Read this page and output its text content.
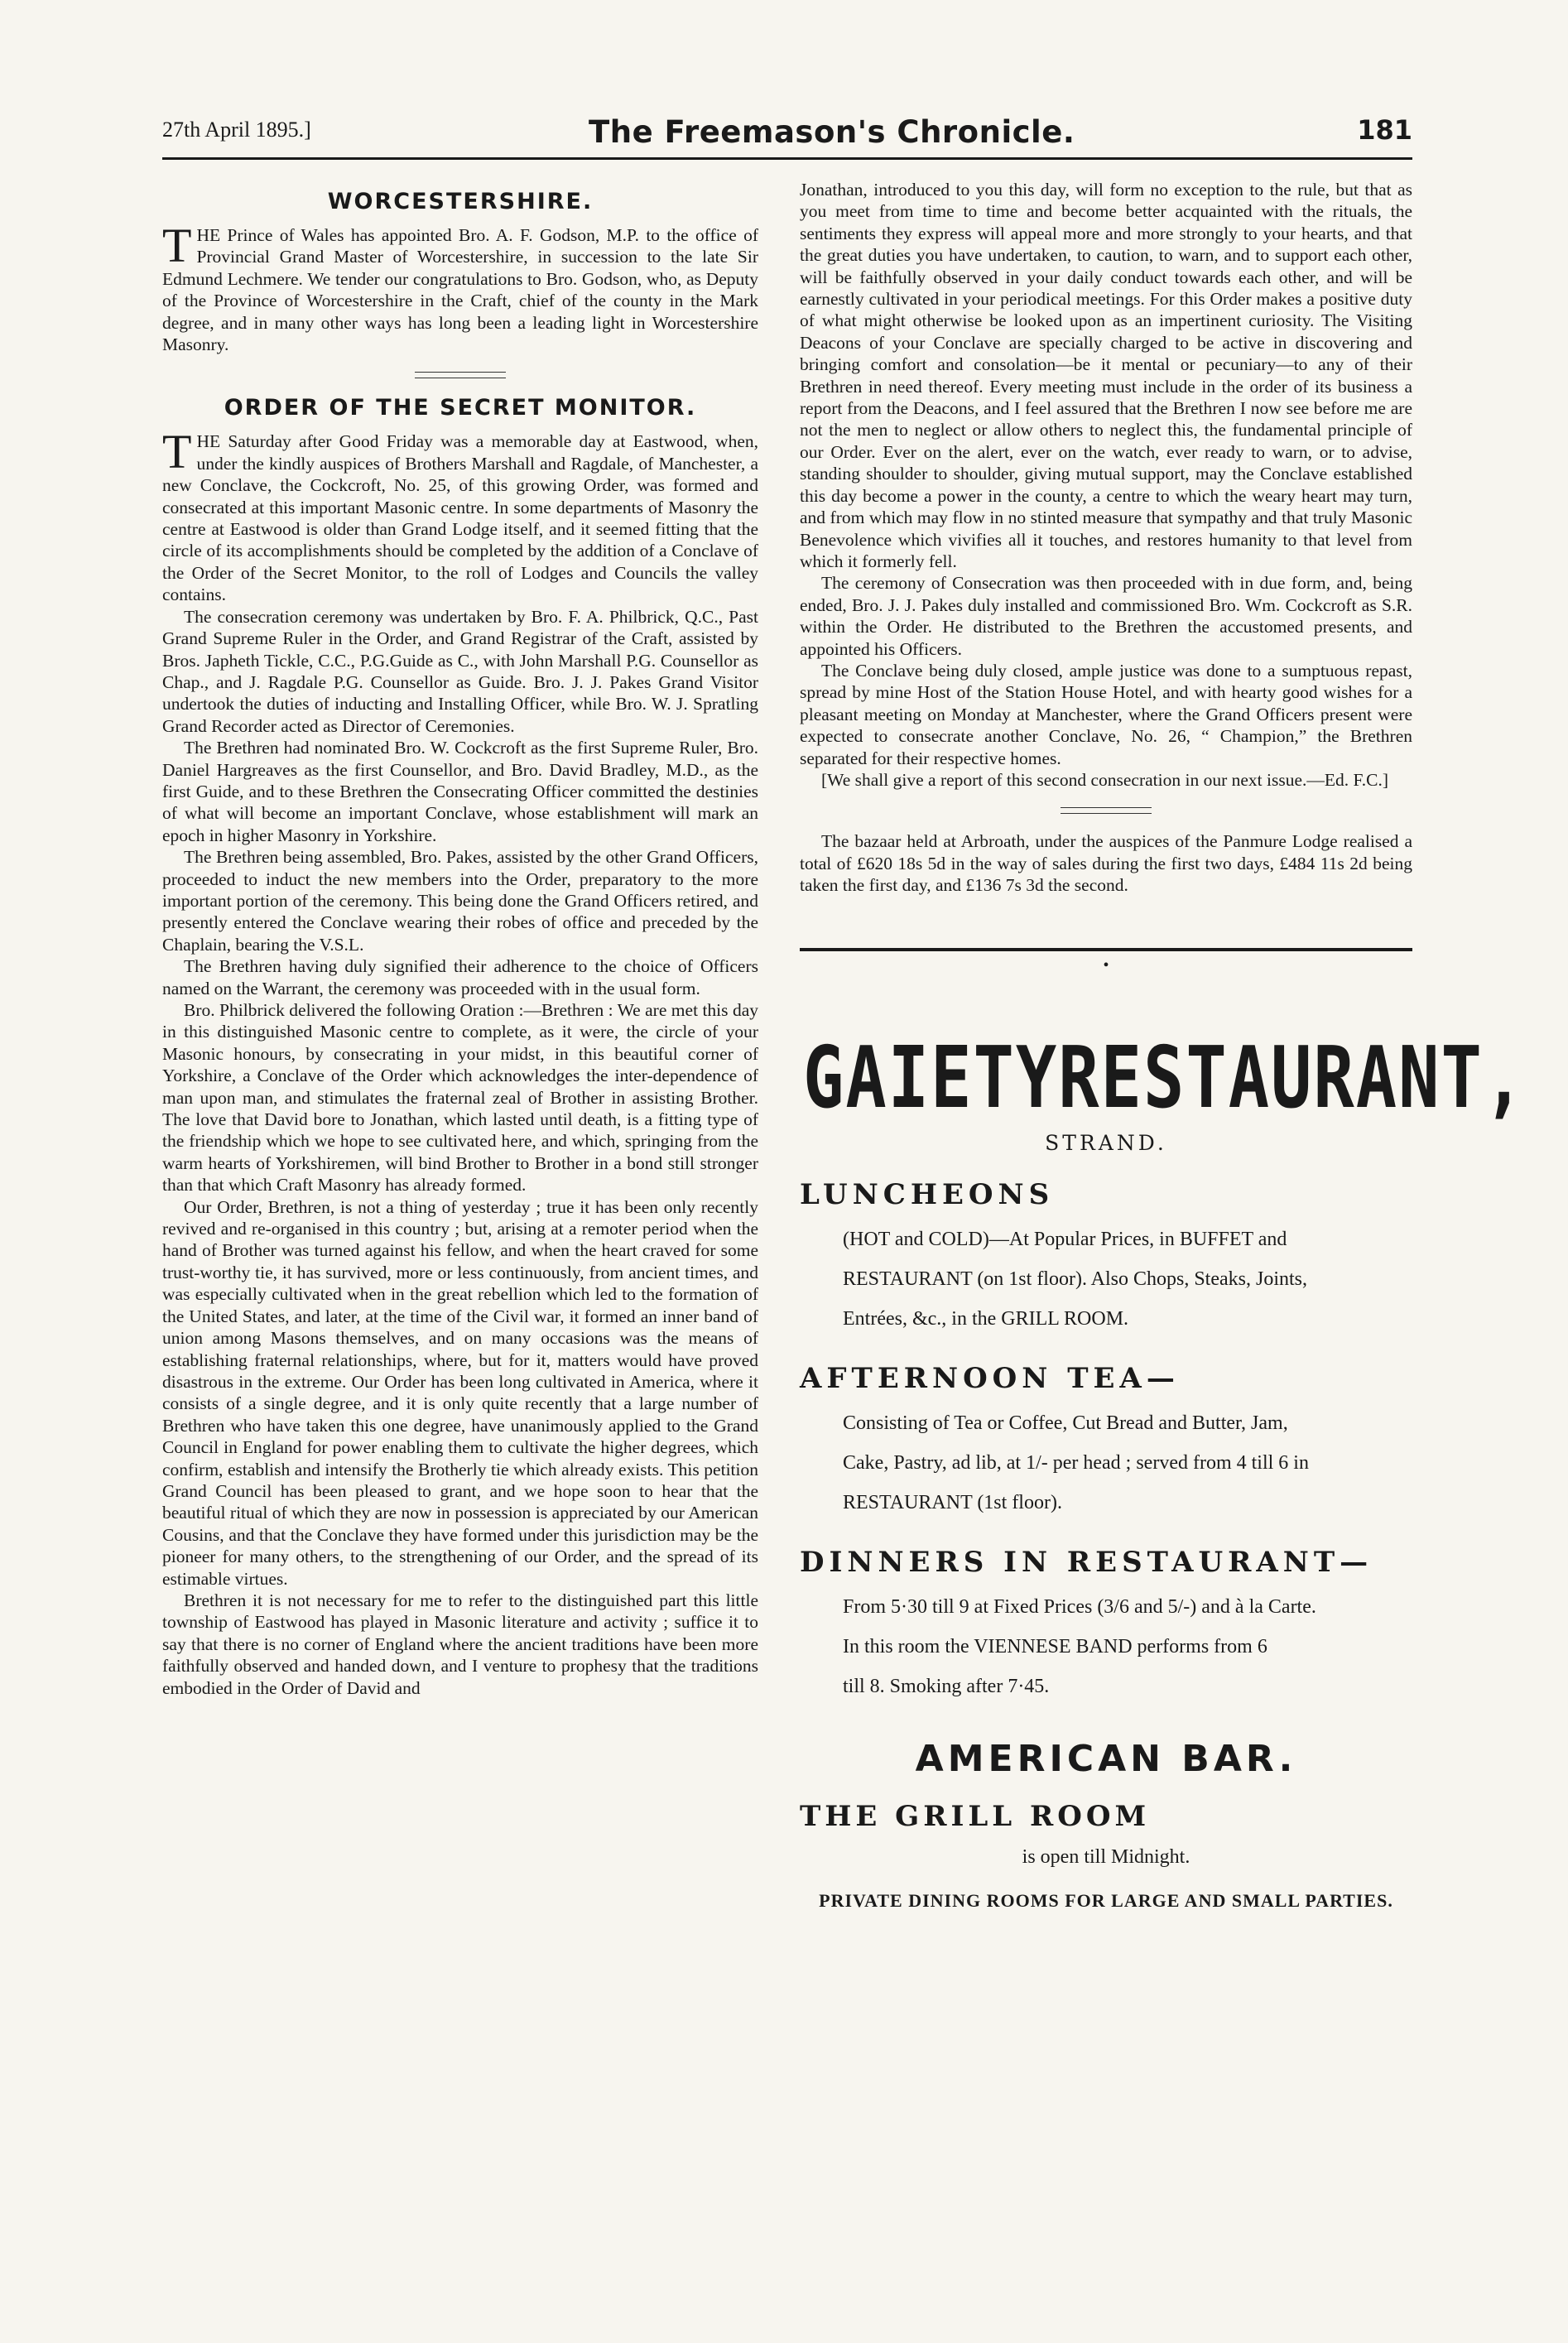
27th April 1895.]	The Freemason's Chronicle.	181
WORCESTERSHIRE.

THE Prince of Wales has appointed Bro. A. F. Godson, M.P. to the office of Provincial Grand Master of Worcestershire, in succession to the late Sir Edmund Lechmere. We tender our congratulations to Bro. Godson, who, as Deputy of the Province of Worcestershire in the Craft, chief of the county in the Mark degree, and in many other ways has long been a leading light in Worcestershire Masonry.

ORDER OF THE SECRET MONITOR.

THE Saturday after Good Friday was a memorable day at Eastwood, when, under the kindly auspices of Brothers Marshall and Ragdale, of Manchester, a new Conclave, the Cockcroft, No. 25, of this growing Order, was formed and consecrated at this important Masonic centre. In some departments of Masonry the centre at Eastwood is older than Grand Lodge itself, and it seemed fitting that the circle of its accomplishments should be completed by the addition of a Conclave of the Order of the Secret Monitor, to the roll of Lodges and Councils the valley contains.

The consecration ceremony was undertaken by Bro. F. A. Philbrick, Q.C., Past Grand Supreme Ruler in the Order, and Grand Registrar of the Craft, assisted by Bros. Japheth Tickle, C.C., P.G.Guide as C., with John Marshall P.G. Counsellor as Chap., and J. Ragdale P.G. Counsellor as Guide. Bro. J. J. Pakes Grand Visitor undertook the duties of inducting and Installing Officer, while Bro. W. J. Spratling Grand Recorder acted as Director of Ceremonies.

The Brethren had nominated Bro. W. Cockcroft as the first Supreme Ruler, Bro. Daniel Hargreaves as the first Counsellor, and Bro. David Bradley, M.D., as the first Guide, and to these Brethren the Consecrating Officer committed the destinies of what will become an important Conclave, whose establishment will mark an epoch in higher Masonry in Yorkshire.

The Brethren being assembled, Bro. Pakes, assisted by the other Grand Officers, proceeded to induct the new members into the Order, preparatory to the more important portion of the ceremony. This being done the Grand Officers retired, and presently entered the Conclave wearing their robes of office and preceded by the Chaplain, bearing the V.S.L.

The Brethren having duly signified their adherence to the choice of Officers named on the Warrant, the ceremony was proceeded with in the usual form.

Bro. Philbrick delivered the following Oration :—Brethren : We are met this day in this distinguished Masonic centre to complete, as it were, the circle of your Masonic honours, by consecrating in your midst, in this beautiful corner of Yorkshire, a Conclave of the Order which acknowledges the inter-dependence of man upon man, and stimulates the fraternal zeal of Brother in assisting Brother. The love that David bore to Jonathan, which lasted until death, is a fitting type of the friendship which we hope to see cultivated here, and which, springing from the warm hearts of Yorkshiremen, will bind Brother to Brother in a bond still stronger than that which Craft Masonry has already formed.

Our Order, Brethren, is not a thing of yesterday ; true it has been only recently revived and re-organised in this country ; but, arising at a remoter period when the hand of Brother was turned against his fellow, and when the heart craved for some trust-worthy tie, it has survived, more or less continuously, from ancient times, and was especially cultivated when in the great rebellion which led to the formation of the United States, and later, at the time of the Civil war, it formed an inner band of union among Masons themselves, and on many occasions was the means of establishing fraternal relationships, where, but for it, matters would have proved disastrous in the extreme. Our Order has been long cultivated in America, where it consists of a single degree, and it is only quite recently that a large number of Brethren who have taken this one degree, have unanimously applied to the Grand Council in England for power enabling them to cultivate the higher degrees, which confirm, establish and intensify the Brotherly tie which already exists. This petition Grand Council has been pleased to grant, and we hope soon to hear that the beautiful ritual of which they are now in possession is appreciated by our American Cousins, and that the Conclave they have formed under this jurisdiction may be the pioneer for many others, to the strengthening of our Order, and the spread of its estimable virtues.

Brethren it is not necessary for me to refer to the distinguished part this little township of Eastwood has played in Masonic literature and activity ; suffice it to say that there is no corner of England where the ancient traditions have been more faithfully observed and handed down, and I venture to prophesy that the traditions embodied in the Order of David and

Jonathan, introduced to you this day, will form no exception to the rule, but that as you meet from time to time and become better acquainted with the rituals, the sentiments they express will appeal more and more strongly to your hearts, and that the great duties you have undertaken, to caution, to warn, and to support each other, will be faithfully observed in your daily conduct towards each other, and will be earnestly cultivated in your periodical meetings. For this Order makes a positive duty of what might otherwise be looked upon as an impertinent curiosity. The Visiting Deacons of your Conclave are specially charged to be active in discovering and bringing comfort and consolation—be it mental or pecuniary—to any of their Brethren in need thereof. Every meeting must include in the order of its business a report from the Deacons, and I feel assured that the Brethren I now see before me are not the men to neglect or allow others to neglect this, the fundamental principle of our Order. Ever on the alert, ever on the watch, ever ready to warn, or to advise, standing shoulder to shoulder, giving mutual support, may the Conclave established this day become a power in the county, a centre to which the weary heart may turn, and from which may flow in no stinted measure that sympathy and that truly Masonic Benevolence which vivifies all it touches, and restores humanity to that level from which it formerly fell.

The ceremony of Consecration was then proceeded with in due form, and, being ended, Bro. J. J. Pakes duly installed and commissioned Bro. Wm. Cockcroft as S.R. within the Order. He distributed to the Brethren the accustomed presents, and appointed his Officers.

The Conclave being duly closed, ample justice was done to a sumptuous repast, spread by mine Host of the Station House Hotel, and with hearty good wishes for a pleasant meeting on Monday at Manchester, where the Grand Officers present were expected to consecrate another Conclave, No. 26, “ Champion,” the Brethren separated for their respective homes.

[We shall give a report of this second consecration in our next issue.—Ed. F.C.]

The bazaar held at Arbroath, under the auspices of the Panmure Lodge realised a total of £620 18s 5d in the way of sales during the first two days, £484 11s 2d being taken the first day, and £136 7s 3d the second.

•
GAIETY RESTAURANT,
STRAND.
LUNCHEONS

(HOT and COLD)—At Popular Prices, in BUFFET and

RESTAURANT (on 1st floor). Also Chops, Steaks, Joints,

Entrées, &c., in the GRILL ROOM.

AFTERNOON TEA—

Consisting of Tea or Coffee, Cut Bread and Butter, Jam,

Cake, Pastry, ad lib, at 1/- per head ; served from 4 till 6 in

RESTAURANT (1st floor).

DINNERS IN RESTAURANT—

From 5·30 till 9 at Fixed Prices (3/6 and 5/-) and à la Carte.

In this room the VIENNESE BAND performs from 6

till 8. Smoking after 7·45.

AMERICAN BAR.
THE GRILL ROOM
is open till Midnight.
PRIVATE DINING ROOMS FOR LARGE AND SMALL PARTIES.
